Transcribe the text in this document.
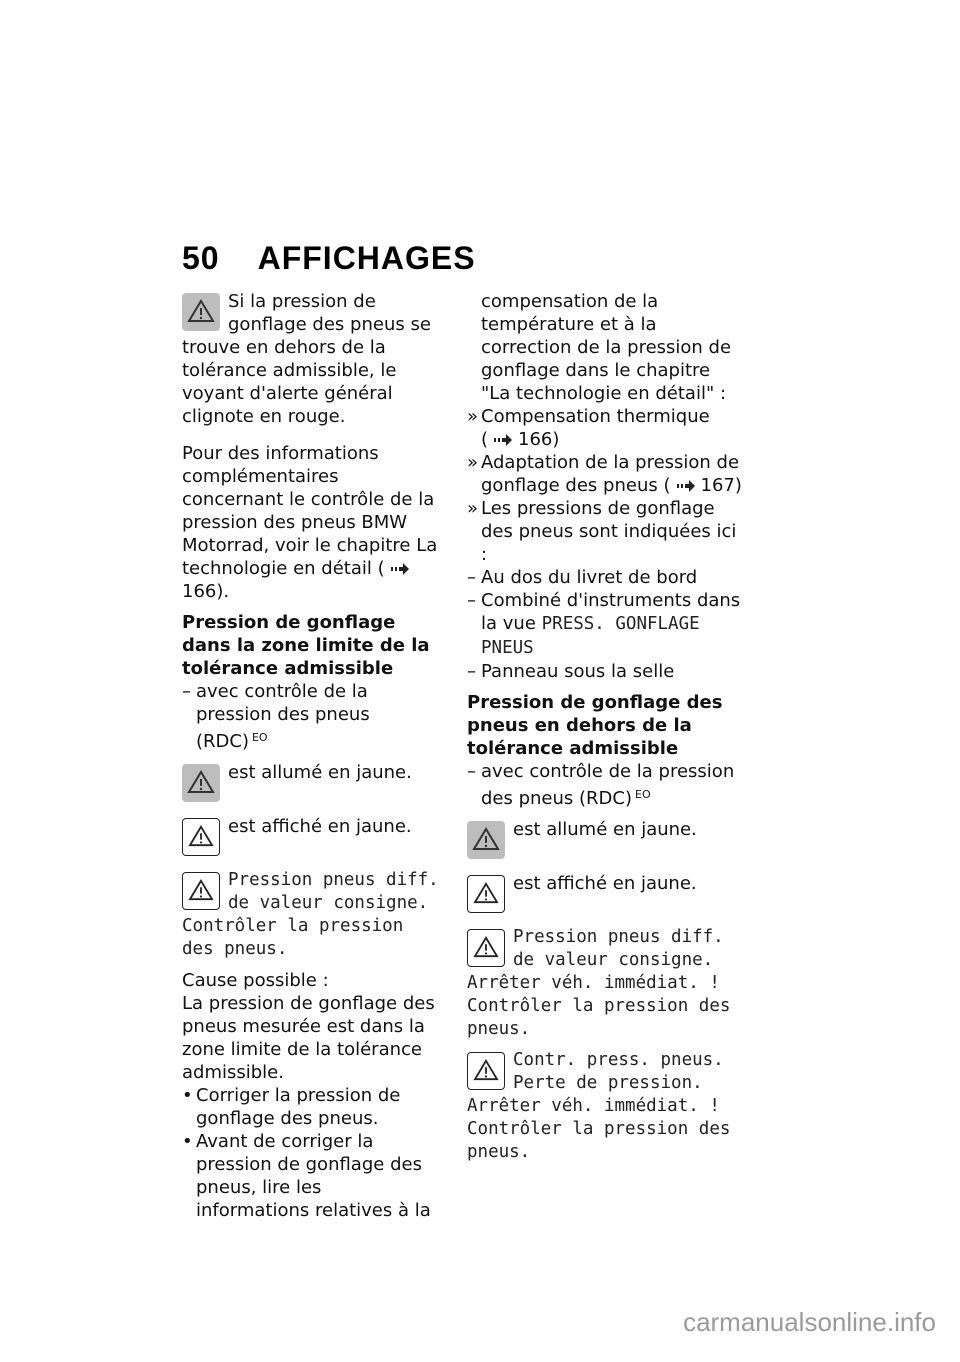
50 AFFICHAGES

Si la pression de gonflage des pneus se trouve en dehors de la tolérance admissible, le voyant d'alerte général clignote en rouge.

Pour des informations complémentaires concernant le contrôle de la pression des pneus BMW Motorrad, voir le chapitre La technologie en détail (166).

Pression de gonflage dans la zone limite de la tolérance admissible

– avec contrôle de la pression des pneus (RDC) $^{EO}$

est allumé en jaune.

est affiché en jaune.

Pression pneus diff. de valeur consigne. Contrôler la pression des pneus.

Cause possible :

La pression de gonflage des pneus mesurée est dans la zone limite de la tolérance admissible.

• Corriger la pression de gonflage des pneus.

• Avant de corriger la pression de gonflage des pneus, lire les informations relatives à la

compensation de la température et à la correction de la pression de gonflage dans le chapitre "La technologie en détail" :

» Compensation thermique
( 166)

» Adaptation de la pression de gonflage des pneus ( 167)

» Les pressions de gonflage des pneus sont indiquées ici :

– Au dos du livret de bord

– Combiné d'instruments dans la vue PRESS. GONFLAGE PNEUS

– Panneau sous la selle

Pression de gonflage des pneus en dehors de la tolérance admissible

– avec contrôle de la pression des pneus (RDC) $^{EO}$

est allumé en jaune.

est affiché en jaune.

Pression pneus diff. de valeur consigne. Arrêter véh. immédiat. ! Contrôler la pression des pneus.

Contr. press. pneus. Perte de pression. Arrêter véh. immédiat. ! Contrôler la pression des pneus.

carmanualsonline.info
